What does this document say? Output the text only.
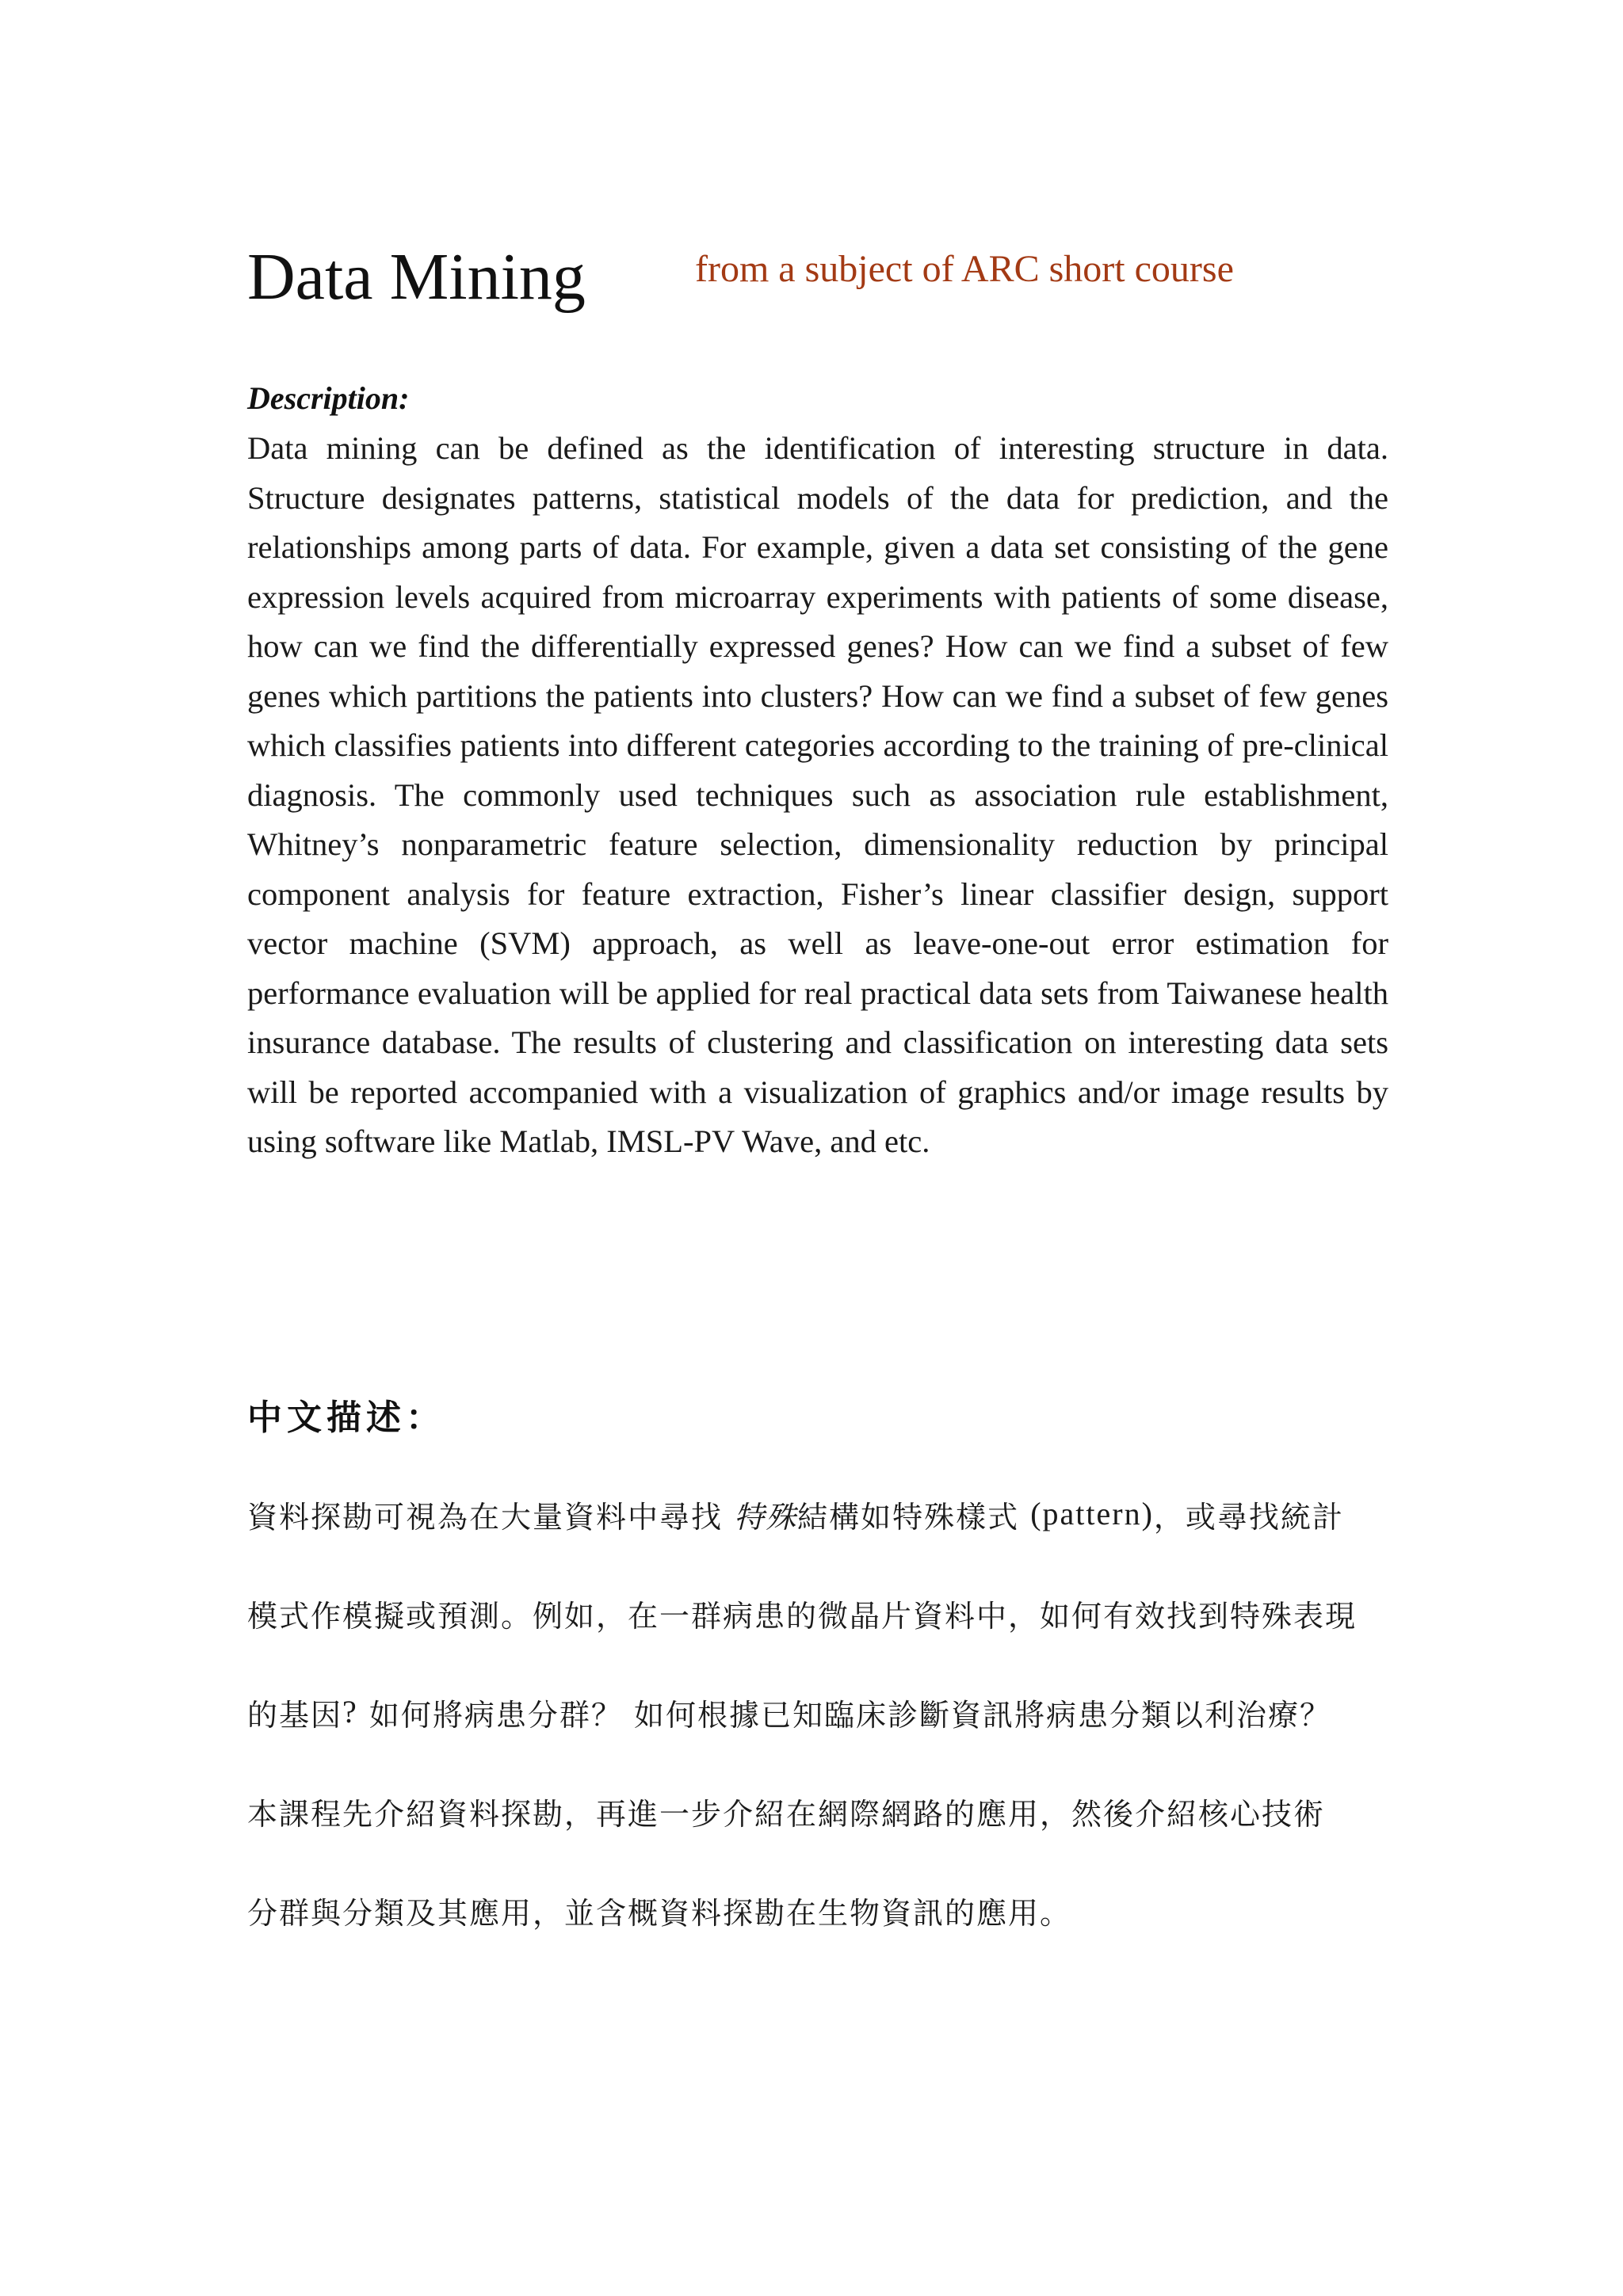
Data Mining	from a subject of ARC short course
Description:

Data mining can be defined as the identification of interesting structure in data. Structure designates patterns, statistical models of the data for prediction, and the relationships among parts of data. For example, given a data set consisting of the gene expression levels acquired from microarray experiments with patients of some disease, how can we find the differentially expressed genes? How can we find a subset of few genes which partitions the patients into clusters? How can we find a subset of few genes which classifies patients into different categories according to the training of pre-clinical diagnosis. The commonly used techniques such as association rule establishment, Whitney’s nonparametric feature selection, dimensionality reduction by principal component analysis for feature extraction, Fisher’s linear classifier design, support vector machine (SVM) approach, as well as leave-one-out error estimation for performance evaluation will be applied for real practical data sets from Taiwanese health insurance database. The results of clustering and classification on interesting data sets will be reported accompanied with a visualization of graphics and/or image results by using software like Matlab, IMSL-PV Wave, and etc.

中文描述：
資料探勘可視為在大量資料中尋找 特殊結構如特殊樣式 (pattern)，或尋找統計
模式作模擬或預測。例如，在一群病患的微晶片資料中，如何有效找到特殊表現
的基因? 如何將病患分群？ 如何根據已知臨床診斷資訊將病患分類以利治療？
本課程先介紹資料探勘，再進一步介紹在網際網路的應用，然後介紹核心技術
分群與分類及其應用，並含概資料探勘在生物資訊的應用。
